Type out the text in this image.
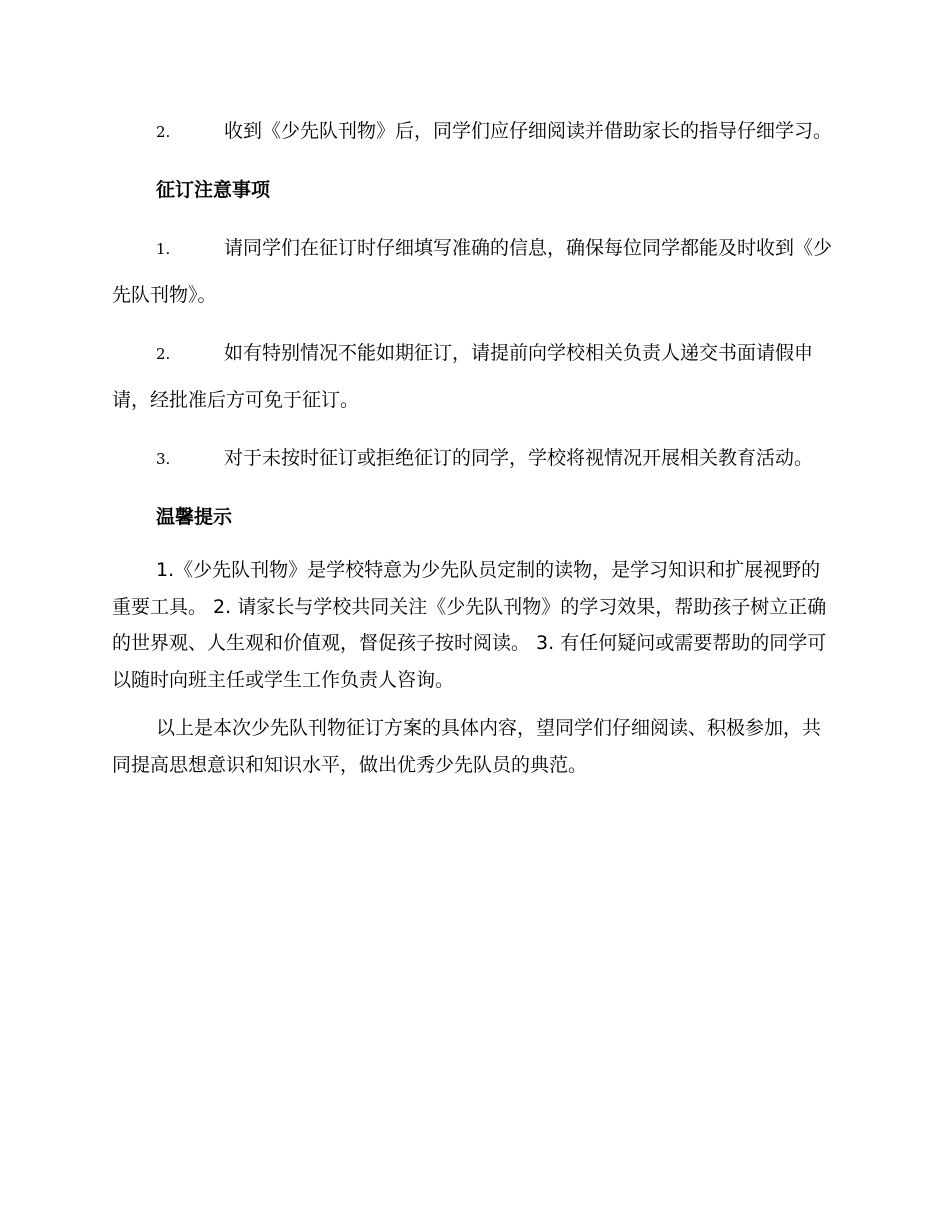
2.	收到《少先队刊物》后，同学们应仔细阅读并借助家长的指导仔细学习。

征订注意事项

1.	请同学们在征订时仔细填写准确的信息，确保每位同学都能及时收到《少先队刊物》。

2.	如有特别情况不能如期征订，请提前向学校相关负责人递交书面请假申请，经批准后方可免于征订。

3.	对于未按时征订或拒绝征订的同学，学校将视情况开展相关教育活动。

温馨提示

1.《少先队刊物》是学校特意为少先队员定制的读物，是学习知识和扩展视野的重要工具。 2. 请家长与学校共同关注《少先队刊物》的学习效果，帮助孩子树立正确的世界观、人生观和价值观，督促孩子按时阅读。 3. 有任何疑问或需要帮助的同学可以随时向班主任或学生工作负责人咨询。

以上是本次少先队刊物征订方案的具体内容，望同学们仔细阅读、积极参加，共同提高思想意识和知识水平，做出优秀少先队员的典范。
